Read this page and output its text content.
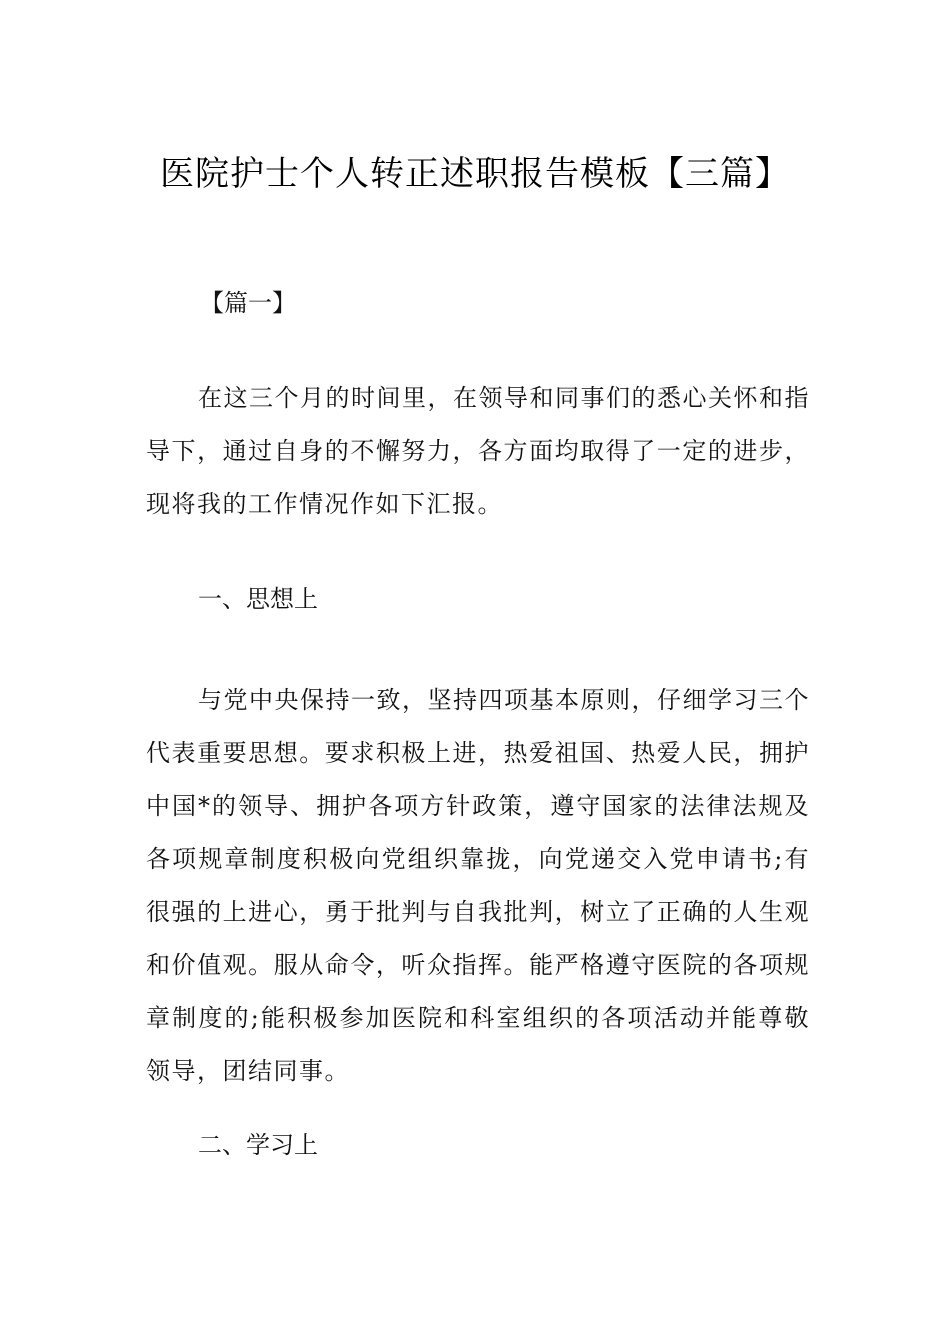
医院护士个人转正述职报告模板【三篇】
【篇一】
在这三个月的时间里，在领导和同事们的悉心关怀和指导下，通过自身的不懈努力，各方面均取得了一定的进步，现将我的工作情况作如下汇报。
一、思想上
与党中央保持一致，坚持四项基本原则，仔细学习三个代表重要思想。要求积极上进，热爱祖国、热爱人民，拥护中国*的领导、拥护各项方针政策，遵守国家的法律法规及各项规章制度积极向党组织靠拢，向党递交入党申请书;有很强的上进心，勇于批判与自我批判，树立了正确的人生观和价值观。服从命令，听众指挥。能严格遵守医院的各项规章制度的;能积极参加医院和科室组织的各项活动并能尊敬领导，团结同事。
二、学习上
